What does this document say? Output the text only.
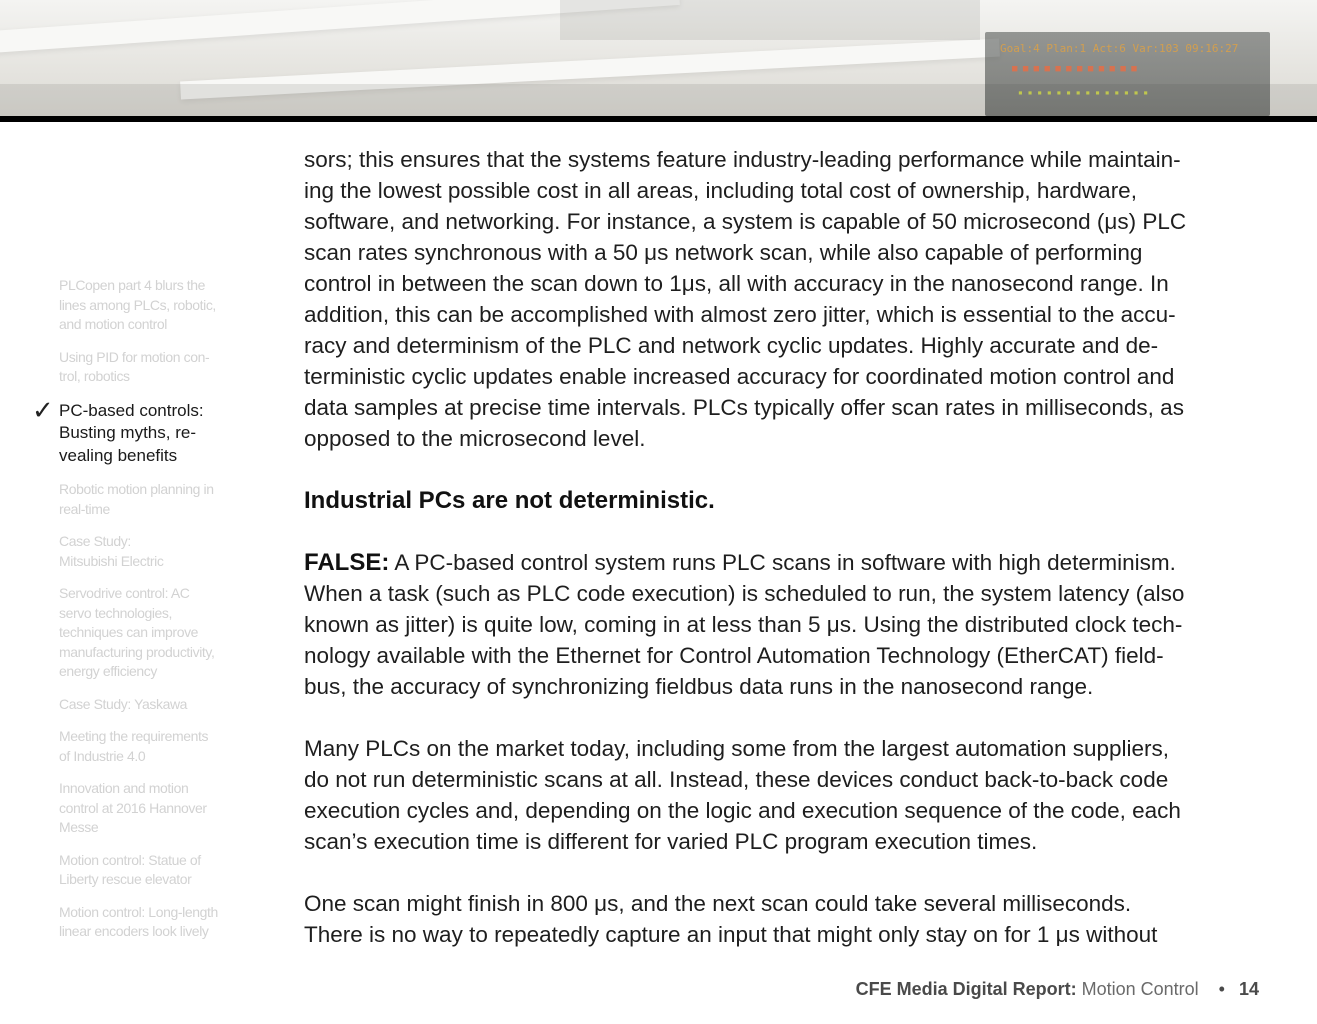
Goal:4 Plan:1 Act:6 Var:103 09:16:27
■ ■ ■ ■ ■ ■ ■ ■ ■ ■ ■ ■
▪ ▪ ▪ ▪ ▪ ▪ ▪ ▪ ▪ ▪ ▪ ▪ ▪ ▪
PLCopen part 4 blurs the
lines among PLCs, robotic,
and motion control
Using PID for motion con-
trol, robotics
✓ PC-based controls:
Busting myths, re-
vealing benefits
Robotic motion planning in
real-time
Case Study:
Mitsubishi Electric
Servodrive control: AC
servo technologies,
techniques can improve
manufacturing productivity,
energy efficiency
Case Study: Yaskawa
Meeting the requirements
of Industrie 4.0
Innovation and motion
control at 2016 Hannover
Messe
Motion control: Statue of
Liberty rescue elevator
Motion control: Long-length
linear encoders look lively

sors; this ensures that the systems feature industry-leading performance while maintain-
ing the lowest possible cost in all areas, including total cost of ownership, hardware,
software, and networking. For instance, a system is capable of 50 microsecond (μs) PLC
scan rates synchronous with a 50 μs network scan, while also capable of performing
control in between the scan down to 1μs, all with accuracy in the nanosecond range. In
addition, this can be accomplished with almost zero jitter, which is essential to the accu-
racy and determinism of the PLC and network cyclic updates. Highly accurate and de-
terministic cyclic updates enable increased accuracy for coordinated motion control and
data samples at precise time intervals. PLCs typically offer scan rates in milliseconds, as
opposed to the microsecond level.

Industrial PCs are not deterministic.

FALSE: A PC-based control system runs PLC scans in software with high determinism.
When a task (such as PLC code execution) is scheduled to run, the system latency (also
known as jitter) is quite low, coming in at less than 5 μs. Using the distributed clock tech-
nology available with the Ethernet for Control Automation Technology (EtherCAT) field-
bus, the accuracy of synchronizing fieldbus data runs in the nanosecond range.

Many PLCs on the market today, including some from the largest automation suppliers,
do not run deterministic scans at all. Instead, these devices conduct back-to-back code
execution cycles and, depending on the logic and execution sequence of the code, each
scan’s execution time is different for varied PLC program execution times.

One scan might finish in 800 μs, and the next scan could take several milliseconds.
There is no way to repeatedly capture an input that might only stay on for 1 μs without

CFE Media Digital Report: Motion Control • 14
